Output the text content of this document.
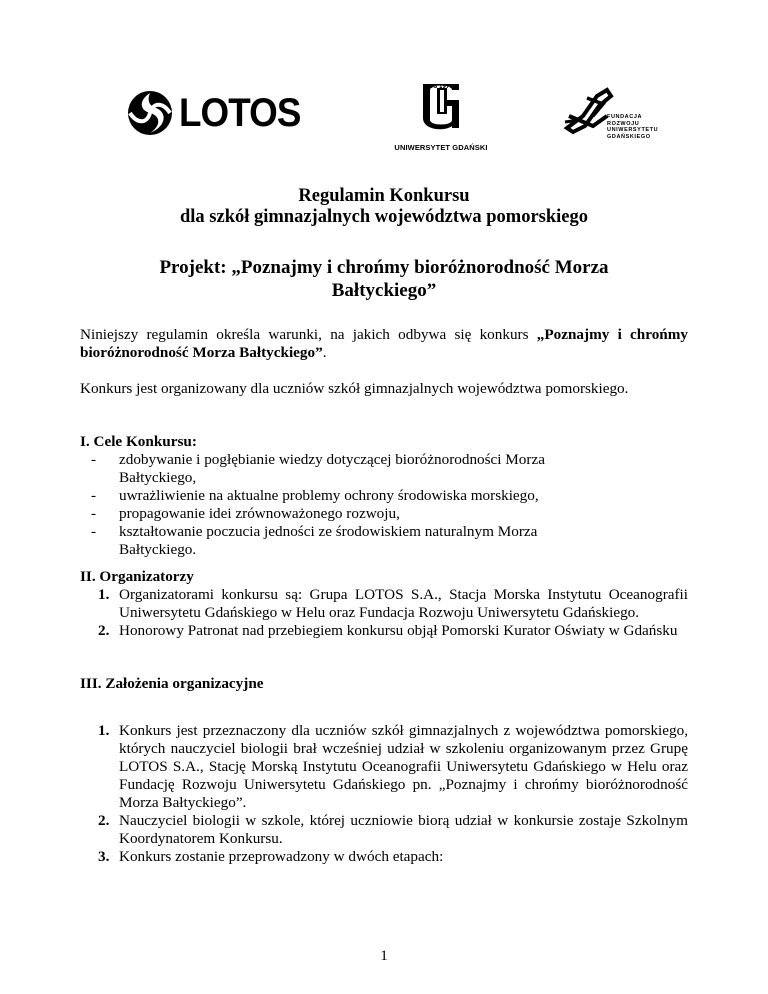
LOTOS
UG 1970
UNIWERSYTET GDAŃSKI
FUNDACJA
ROZWOJU
UNIWERSYTETU
GDAŃSKIEGO
Regulamin Konkursu
dla szkół gimnazjalnych województwa pomorskiego
Projekt: „Poznajmy i chrońmy bioróżnorodność Morza
Bałtyckiego”

Niniejszy regulamin określa warunki, na jakich odbywa się konkurs „Poznajmy i chrońmy bioróżnorodność Morza Bałtyckiego”.

Konkurs jest organizowany dla uczniów szkół gimnazjalnych województwa pomorskiego.

I. Cele Konkursu:
- zdobywanie i pogłębianie wiedzy dotyczącej bioróżnorodności Morza Bałtyckiego,
- uwrażliwienie na aktualne problemy ochrony środowiska morskiego,
- propagowanie idei zrównoważonego rozwoju,
- kształtowanie poczucia jedności ze środowiskiem naturalnym Morza Bałtyckiego.
II. Organizatorzy
1. Organizatorami konkursu są: Grupa LOTOS S.A., Stacja Morska Instytutu Oceanografii Uniwersytetu Gdańskiego w Helu oraz Fundacja Rozwoju Uniwersytetu Gdańskiego.
2. Honorowy Patronat nad przebiegiem konkursu objął Pomorski Kurator Oświaty w Gdańsku
III. Założenia organizacyjne
1. Konkurs jest przeznaczony dla uczniów szkół gimnazjalnych z województwa pomorskiego, których nauczyciel biologii brał wcześniej udział w szkoleniu organizowanym przez Grupę LOTOS S.A., Stację Morską Instytutu Oceanografii Uniwersytetu Gdańskiego w Helu oraz Fundację Rozwoju Uniwersytetu Gdańskiego pn. „Poznajmy i chrońmy bioróżnorodność Morza Bałtyckiego”.
2. Nauczyciel biologii w szkole, której uczniowie biorą udział w konkursie zostaje Szkolnym Koordynatorem Konkursu.
3. Konkurs zostanie przeprowadzony w dwóch etapach:
1
